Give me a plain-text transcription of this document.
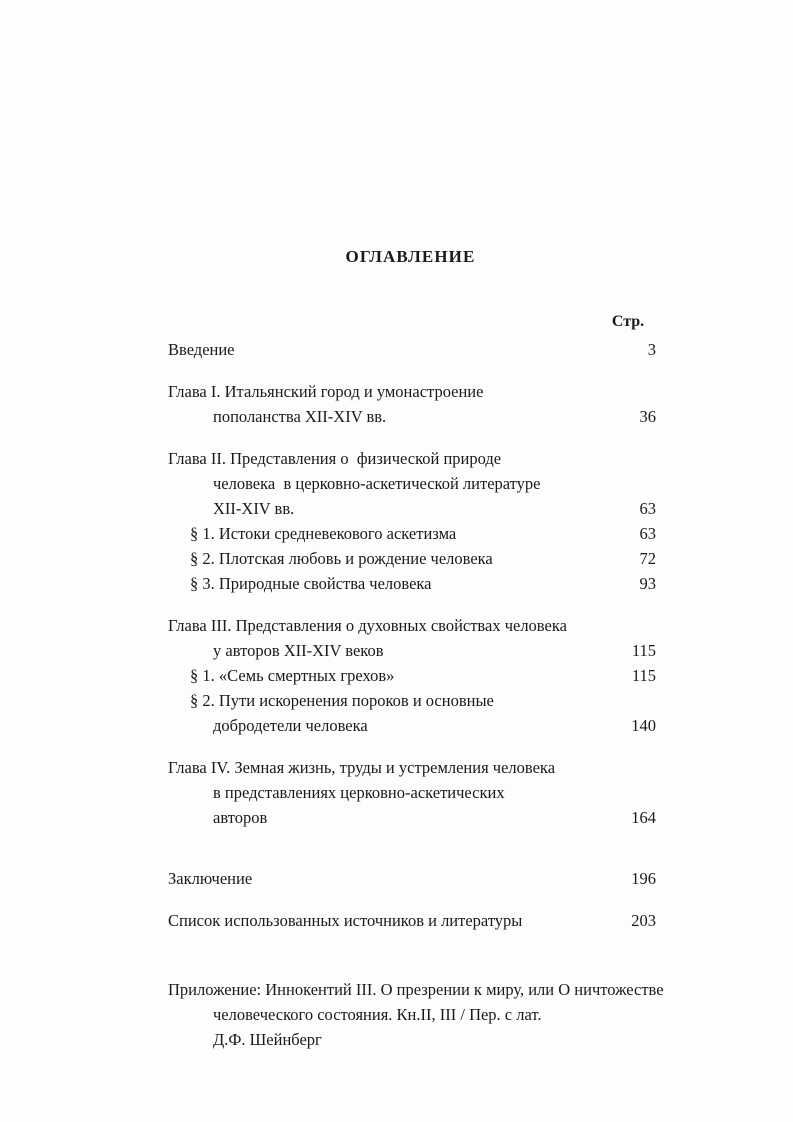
ОГЛАВЛЕНИЕ
Стр.
Введение	3
Глава I. Итальянский город и умонастроение
пополанства XII-XIV вв.	36
Глава II. Представления о  физической природе
человека  в церковно-аскетической литературе
XII-XIV вв.	63
§ 1. Истоки средневекового аскетизма	63
§ 2. Плотская любовь и рождение человека	72
§ 3. Природные свойства человека	93
Глава III. Представления о духовных свойствах человека
у авторов XII-XIV веков	115
§ 1. «Семь смертных грехов»	115
§ 2. Пути искоренения пороков и основные
добродетели человека	140
Глава IV. Земная жизнь, труды и устремления человека
в представлениях церковно-аскетических
авторов	164
Заключение	196
Список использованных источников и литературы	203
Приложение: Иннокентий III. О презрении к миру, или О ничтожестве
человеческого состояния. Кн.II, III / Пер. с лат.
Д.Ф. Шейнберг
